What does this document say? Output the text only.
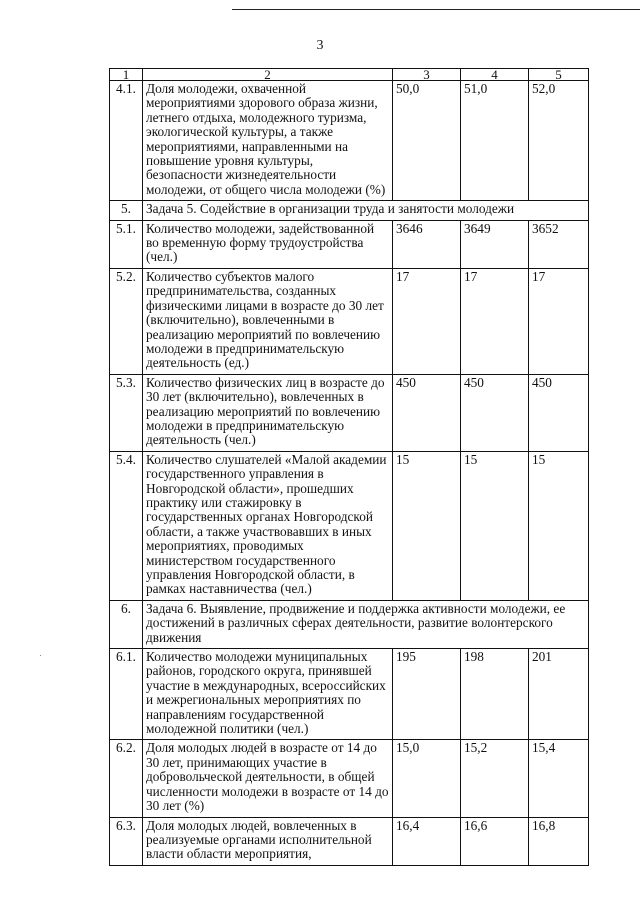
3
1	2	3	4	5
4.1.	Доля молодежи, охваченной мероприятиями здорового образа жизни, летнего отдыха, молодежного туризма, экологической культуры, а также мероприятиями, направленными на повышение уровня культуры, безопасности жизнедеятельности молодежи, от общего числа молодежи (%)	50,0	51,0	52,0
5.	Задача 5. Содействие в организации труда и занятости молодежи			
5.1.	Количество молодежи, задействованной во временную форму трудоустройства (чел.)	3646	3649	3652
5.2.	Количество субъектов малого предпринимательства, созданных физическими лицами в возрасте до 30 лет (включительно), вовлеченными в реализацию мероприятий по вовлечению молодежи в предпринимательскую деятельность (ед.)	17	17	17
5.3.	Количество физических лиц в возрасте до 30 лет (включительно), вовлеченных в реализацию мероприятий по вовлечению молодежи в предпринимательскую деятельность (чел.)	450	450	450
5.4.	Количество слушателей «Малой академии государственного управления в Новгородской области», прошедших практику или стажировку в государственных органах Новгородской области, а также участвовавших в иных мероприятиях, проводимых министерством государственного управления Новгородской области, в рамках наставничества (чел.)	15	15	15
6.	Задача 6. Выявление, продвижение и поддержка активности молодежи, ее достижений в различных сферах деятельности, развитие волонтерского движения			
6.1.	Количество молодежи муниципальных районов, городского округа, принявшей участие в международных, всероссийских и межрегиональных мероприятиях по направлениям государственной молодежной политики (чел.)	195	198	201
6.2.	Доля молодых людей в возрасте от 14 до 30 лет, принимающих участие в добровольческой деятельности, в общей численности молодежи в возрасте от 14 до 30 лет (%)	15,0	15,2	15,4
6.3.	Доля молодых людей, вовлеченных в реализуемые органами исполнительной власти области мероприятия,	16,4	16,6	16,8
